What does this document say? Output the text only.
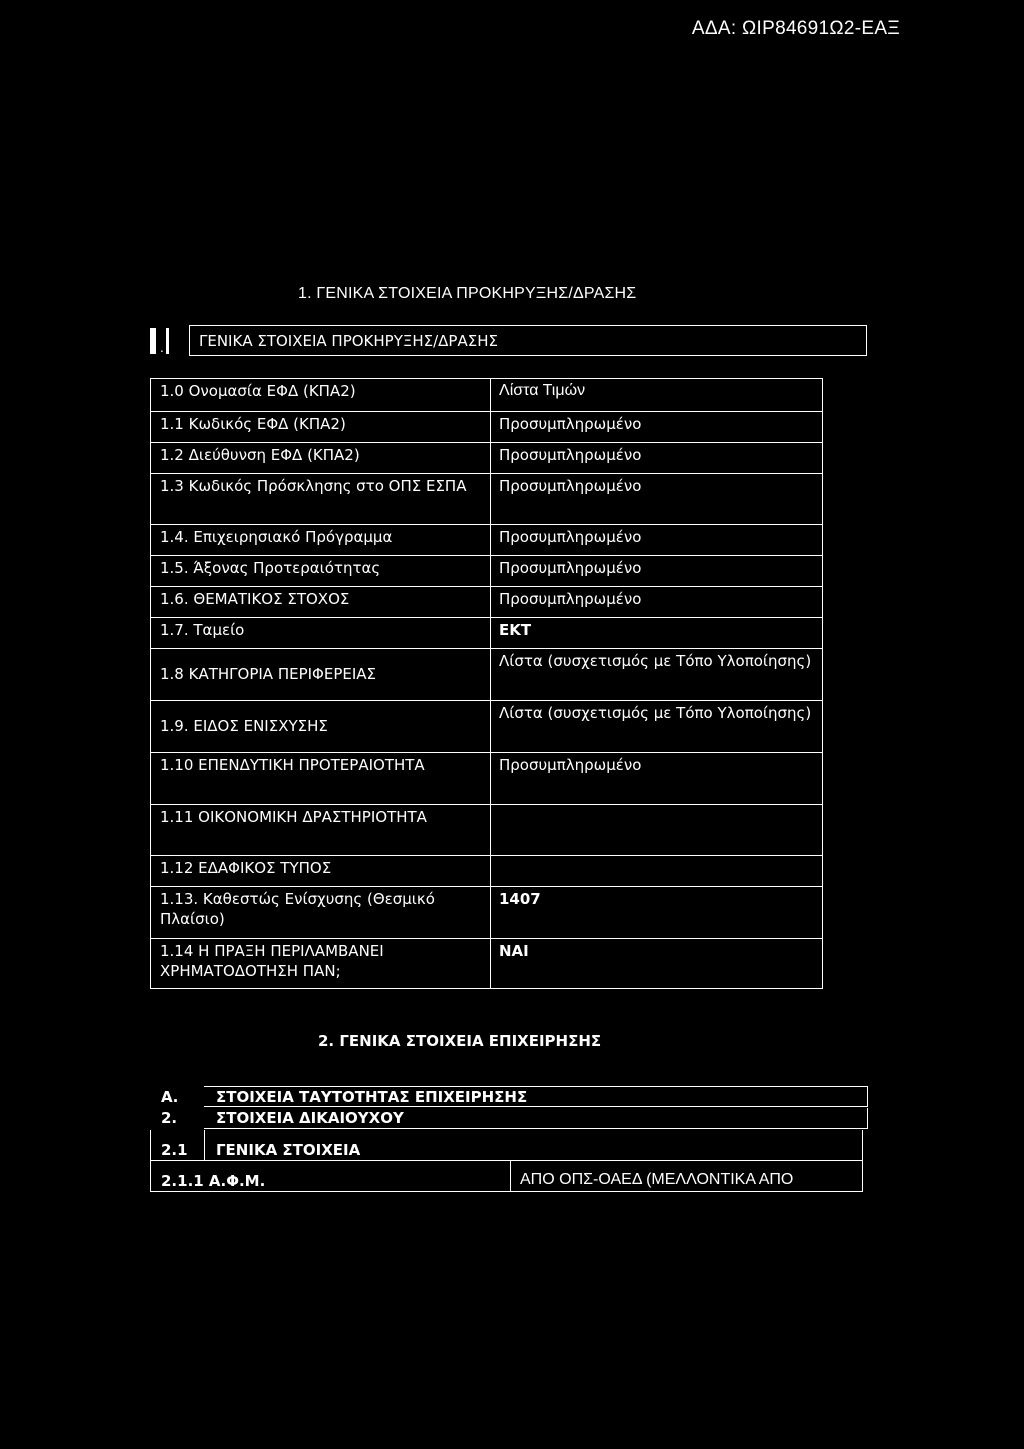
ΑΔΑ: ΩΙΡ84691Ω2-ΕΑΞ
1. ΓΕΝΙΚΑ ΣΤΟΙΧΕΙΑ ΠΡΟΚΗΡΥΞΗΣ/ΔΡΑΣΗΣ
.	ΓΕΝΙΚΑ ΣΤΟΙΧΕΙΑ ΠΡΟΚΗΡΥΞΗΣ/ΔΡΑΣΗΣ
1.0 Ονομασία ΕΦΔ (ΚΠΑ2)	Λίστα Τιμών
1.1 Κωδικός ΕΦΔ (ΚΠΑ2)	Προσυμπληρωμένο
1.2 Διεύθυνση ΕΦΔ (ΚΠΑ2)	Προσυμπληρωμένο
1.3 Κωδικός Πρόσκλησης στο ΟΠΣ ΕΣΠΑ	Προσυμπληρωμένο
1.4. Επιχειρησιακό Πρόγραμμα	Προσυμπληρωμένο
1.5. Άξονας Προτεραιότητας	Προσυμπληρωμένο
1.6. ΘΕΜΑΤΙΚΟΣ ΣΤΟΧΟΣ	Προσυμπληρωμένο
1.7. Ταμείο	ΕΚΤ
1.8 ΚΑΤΗΓΟΡΙΑ ΠΕΡΙΦΕΡΕΙΑΣ	Λίστα (συσχετισμός με Τόπο Υλοποίησης)
1.9. ΕΙΔΟΣ ΕΝΙΣΧΥΣΗΣ	Λίστα (συσχετισμός με Τόπο Υλοποίησης)
1.10 ΕΠΕΝΔΥΤΙΚΗ ΠΡΟΤΕΡΑΙΟΤΗΤΑ	Προσυμπληρωμένο
1.11 ΟΙΚΟΝΟΜΙΚΗ ΔΡΑΣΤΗΡΙΟΤΗΤΑ	
1.12 ΕΔΑΦΙΚΟΣ ΤΥΠΟΣ	
1.13. Καθεστώς Ενίσχυσης (Θεσμικό Πλαίσιο)	1407
1.14 Η ΠΡΑΞΗ ΠΕΡΙΛΑΜΒΑΝΕΙ ΧΡΗΜΑΤΟΔΟΤΗΣΗ ΠΑΝ;	ΝΑΙ
2. ΓΕΝΙΚΑ ΣΤΟΙΧΕΙΑ ΕΠΙΧΕΙΡΗΣΗΣ
Α.	ΣΤΟΙΧΕΙΑ ΤΑΥΤΟΤΗΤΑΣ ΕΠΙΧΕΙΡΗΣΗΣ
2.	ΣΤΟΙΧΕΙΑ ΔΙΚΑΙΟΥΧΟΥ
2.1 ΓΕΝΙΚΑ ΣΤΟΙΧΕΙΑ
2.1.1 Α.Φ.Μ.	ΑΠΟ ΟΠΣ-ΟΑΕΔ (ΜΕΛΛΟΝΤΙΚΑ ΑΠΟ
